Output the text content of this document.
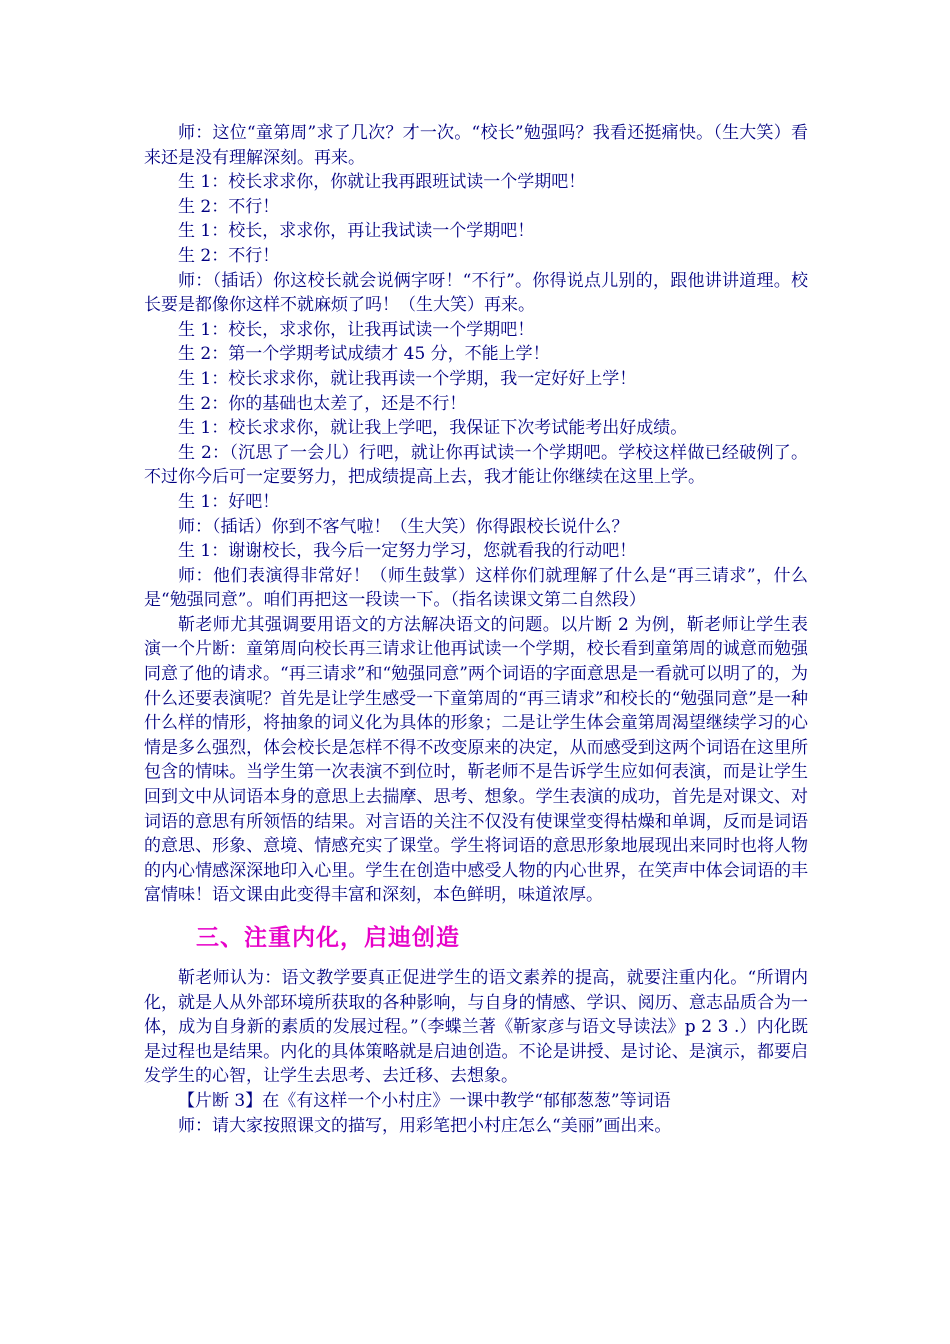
师：这位“童第周”求了几次？才一次。“校长”勉强吗？我看还挺痛快。（生大笑）看来还是没有理解深刻。再来。

生 1：校长求求你，你就让我再跟班试读一个学期吧！

生 2：不行！

生 1：校长，求求你，再让我试读一个学期吧！

生 2：不行！

师：（插话）你这校长就会说俩字呀！“不行”。你得说点儿别的，跟他讲讲道理。校长要是都像你这样不就麻烦了吗！（生大笑）再来。

生 1：校长，求求你，让我再试读一个学期吧！

生 2：第一个学期考试成绩才 45 分，不能上学！

生 1：校长求求你，就让我再读一个学期，我一定好好上学！

生 2：你的基础也太差了，还是不行！

生 1：校长求求你，就让我上学吧，我保证下次考试能考出好成绩。

生 2：（沉思了一会儿）行吧，就让你再试读一个学期吧。学校这样做已经破例了。不过你今后可一定要努力，把成绩提高上去，我才能让你继续在这里上学。

生 1：好吧！

师：（插话）你到不客气啦！（生大笑）你得跟校长说什么？

生 1：谢谢校长，我今后一定努力学习，您就看我的行动吧！

师：他们表演得非常好！（师生鼓掌）这样你们就理解了什么是“再三请求”，什么是“勉强同意”。咱们再把这一段读一下。（指名读课文第二自然段）

靳老师尤其强调要用语文的方法解决语文的问题。以片断 2 为例，靳老师让学生表演一个片断：童第周向校长再三请求让他再试读一个学期，校长看到童第周的诚意而勉强同意了他的请求。“再三请求”和“勉强同意”两个词语的字面意思是一看就可以明了的，为什么还要表演呢？首先是让学生感受一下童第周的“再三请求”和校长的“勉强同意”是一种什么样的情形，将抽象的词义化为具体的形象；二是让学生体会童第周渴望继续学习的心情是多么强烈，体会校长是怎样不得不改变原来的决定，从而感受到这两个词语在这里所包含的情味。当学生第一次表演不到位时，靳老师不是告诉学生应如何表演，而是让学生回到文中从词语本身的意思上去揣摩、思考、想象。学生表演的成功，首先是对课文、对词语的意思有所领悟的结果。对言语的关注不仅没有使课堂变得枯燥和单调，反而是词语的意思、形象、意境、情感充实了课堂。学生将词语的意思形象地展现出来同时也将人物的内心情感深深地印入心里。学生在创造中感受人物的内心世界，在笑声中体会词语的丰富情味！语文课由此变得丰富和深刻，本色鲜明，味道浓厚。

三、注重内化，启迪创造

靳老师认为：语文教学要真正促进学生的语文素养的提高，就要注重内化。“所谓内化，就是人从外部环境所获取的各种影响，与自身的情感、学识、阅历、意志品质合为一体，成为自身新的素质的发展过程。”（李蝶兰著《靳家彦与语文导读法》p 2 3 .）内化既是过程也是结果。内化的具体策略就是启迪创造。不论是讲授、是讨论、是演示，都要启发学生的心智，让学生去思考、去迁移、去想象。

【片断 3】在《有这样一个小村庄》一课中教学“郁郁葱葱”等词语

师：请大家按照课文的描写，用彩笔把小村庄怎么“美丽”画出来。
